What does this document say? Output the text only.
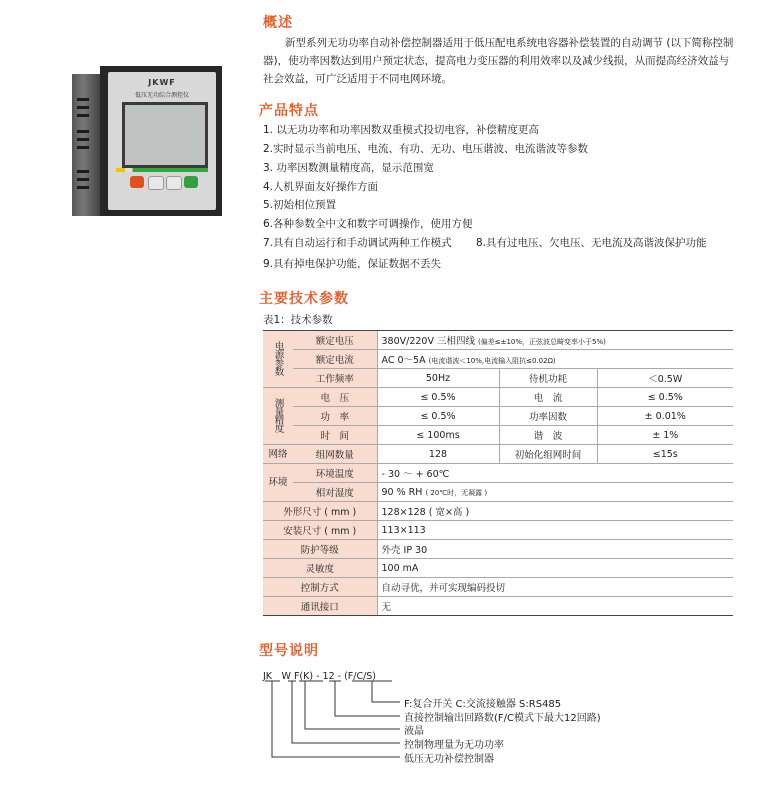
JKWF
低压无功综合测控仪
概述
新型系列无功功率自动补偿控制器适用于低压配电系统电容器补偿装置的自动调节 (以下简称控制器)，使功率因数达到用户预定状态，提高电力变压器的利用效率以及减少线损，从而提高经济效益与社会效益，可广泛适用于不同电网环境。
产品特点
1. 以无功功率和功率因数双重模式投切电容，补偿精度更高
2.实时显示当前电压、电流、有功、无功、电压谐波、电流谐波等参数
3. 功率因数测量精度高，显示范围宽
4.人机界面友好操作方面
5.初始相位预置
6.各种参数全中文和数字可调操作，使用方便
7.具有自动运行和手动调试两种工作模式 8.具有过电压、欠电压、无电流及高谐波保护功能
9.具有掉电保护功能，保证数据不丢失
主要技术参数
表1：技术参数
电源参数	额定电压	380V/220V 三相四线 (偏差≤±10%，正弦波总畸变率小于5%)		
	额定电流	AC 0～5A (电流谐波＜10%,电流输入阻抗≤0.02Ω)		
	工作频率	50Hz	待机功耗	＜0.5W
测量精度	电　压	≤ 0.5%	电　流	≤ 0.5%
	功　率	≤ 0.5%	功率因数	± 0.01%
	时　间	≤ 100ms	谐　波	± 1%
网络	组网数量	128	初始化组网时间	≤15s
环境	环境温度	- 30 ～ + 60℃		
	相对湿度	90 % RH ( 20℃时，无凝露 )		
外形尺寸 ( mm )		128×128 ( 宽×高 )		
安装尺寸 ( mm )		113×113		
防护等级		外壳 IP 30		
灵敏度		100 mA		
控制方式		自动寻优，并可实现编码投切		
通讯接口		无		
型号说明
JK　W F(K) - 12 - (F/C/S)
F:复合开关 C:交流接触器 S:RS485
直接控制输出回路数(F/C模式下最大12回路)
液晶
控制物理量为无功功率
低压无功补偿控制器
